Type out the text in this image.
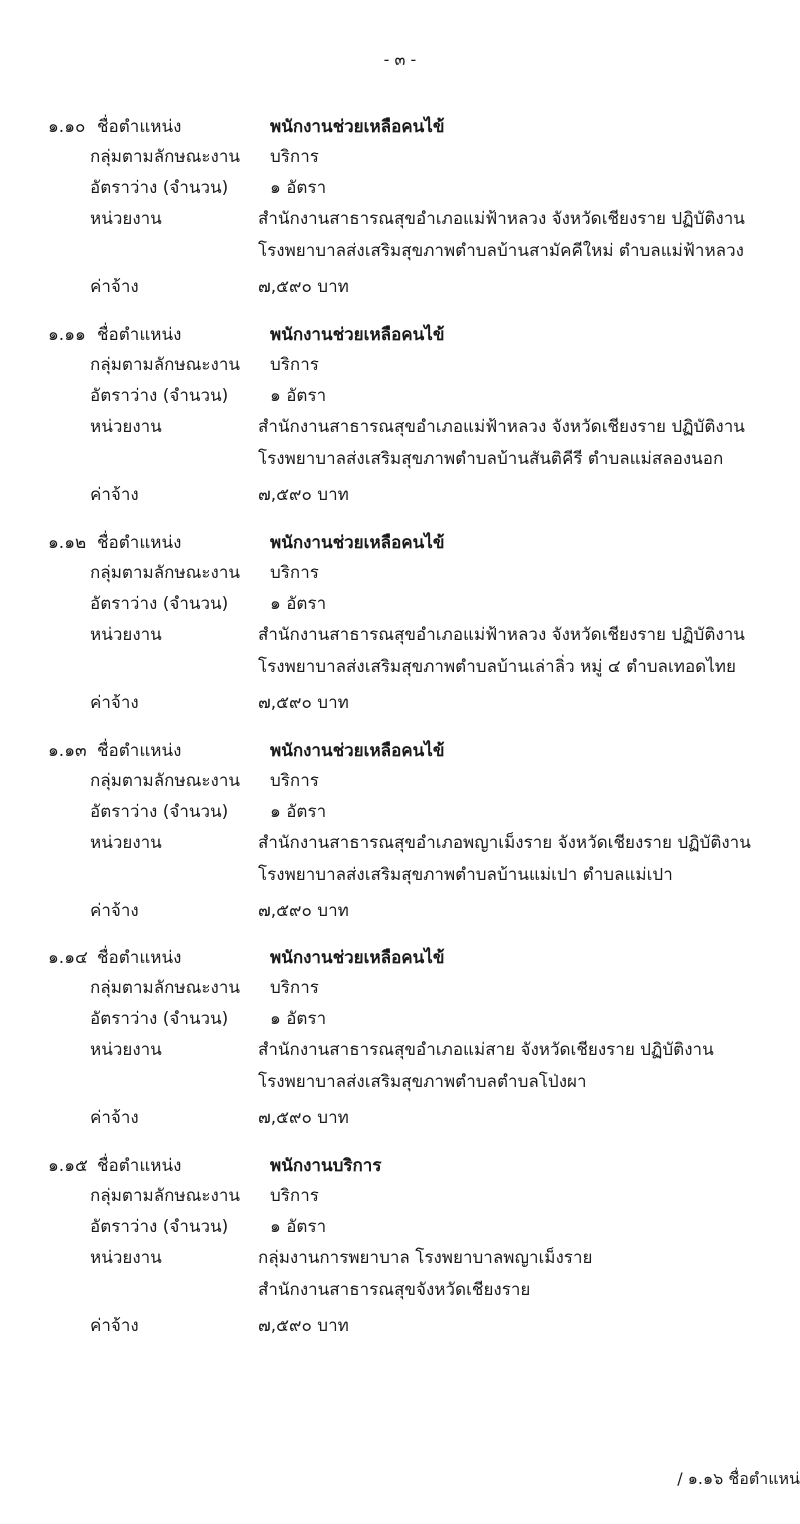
- ๓ -
๑.๑๐ ชื่อตำแหน่ง	พนักงานช่วยเหลือคนไข้
กลุ่มตามลักษณะงาน บริการ
อัตราว่าง (จำนวน) ๑ อัตรา
หน่วยงาน	สำนักงานสาธารณสุขอำเภอแม่ฟ้าหลวง จังหวัดเชียงราย ปฏิบัติงาน
โรงพยาบาลส่งเสริมสุขภาพตำบลบ้านสามัคคีใหม่ ตำบลแม่ฟ้าหลวง
ค่าจ้าง	๗,๕๙๐ บาท
๑.๑๑ ชื่อตำแหน่ง	พนักงานช่วยเหลือคนไข้
กลุ่มตามลักษณะงาน บริการ
อัตราว่าง (จำนวน) ๑ อัตรา
หน่วยงาน	สำนักงานสาธารณสุขอำเภอแม่ฟ้าหลวง จังหวัดเชียงราย ปฏิบัติงาน
โรงพยาบาลส่งเสริมสุขภาพตำบลบ้านสันติคีรี ตำบลแม่สลองนอก
ค่าจ้าง	๗,๕๙๐ บาท
๑.๑๒ ชื่อตำแหน่ง	พนักงานช่วยเหลือคนไข้
กลุ่มตามลักษณะงาน บริการ
อัตราว่าง (จำนวน) ๑ อัตรา
หน่วยงาน	สำนักงานสาธารณสุขอำเภอแม่ฟ้าหลวง จังหวัดเชียงราย ปฏิบัติงาน
โรงพยาบาลส่งเสริมสุขภาพตำบลบ้านเล่าลิ่ว หมู่ ๔ ตำบลเทอดไทย
ค่าจ้าง	๗,๕๙๐ บาท
๑.๑๓ ชื่อตำแหน่ง	พนักงานช่วยเหลือคนไข้
กลุ่มตามลักษณะงาน บริการ
อัตราว่าง (จำนวน) ๑ อัตรา
หน่วยงาน	สำนักงานสาธารณสุขอำเภอพญาเม็งราย จังหวัดเชียงราย ปฏิบัติงาน
โรงพยาบาลส่งเสริมสุขภาพตำบลบ้านแม่เปา ตำบลแม่เปา
ค่าจ้าง	๗,๕๙๐ บาท
๑.๑๔ ชื่อตำแหน่ง	พนักงานช่วยเหลือคนไข้
กลุ่มตามลักษณะงาน บริการ
อัตราว่าง (จำนวน) ๑ อัตรา
หน่วยงาน	สำนักงานสาธารณสุขอำเภอแม่สาย จังหวัดเชียงราย ปฏิบัติงาน
โรงพยาบาลส่งเสริมสุขภาพตำบลตำบลโป่งผา
ค่าจ้าง	๗,๕๙๐ บาท
๑.๑๕ ชื่อตำแหน่ง	พนักงานบริการ
กลุ่มตามลักษณะงาน บริการ
อัตราว่าง (จำนวน) ๑ อัตรา
หน่วยงาน	กลุ่มงานการพยาบาล โรงพยาบาลพญาเม็งราย
สำนักงานสาธารณสุขจังหวัดเชียงราย
ค่าจ้าง	๗,๕๙๐ บาท
/ ๑.๑๖ ชื่อตำแหน่
